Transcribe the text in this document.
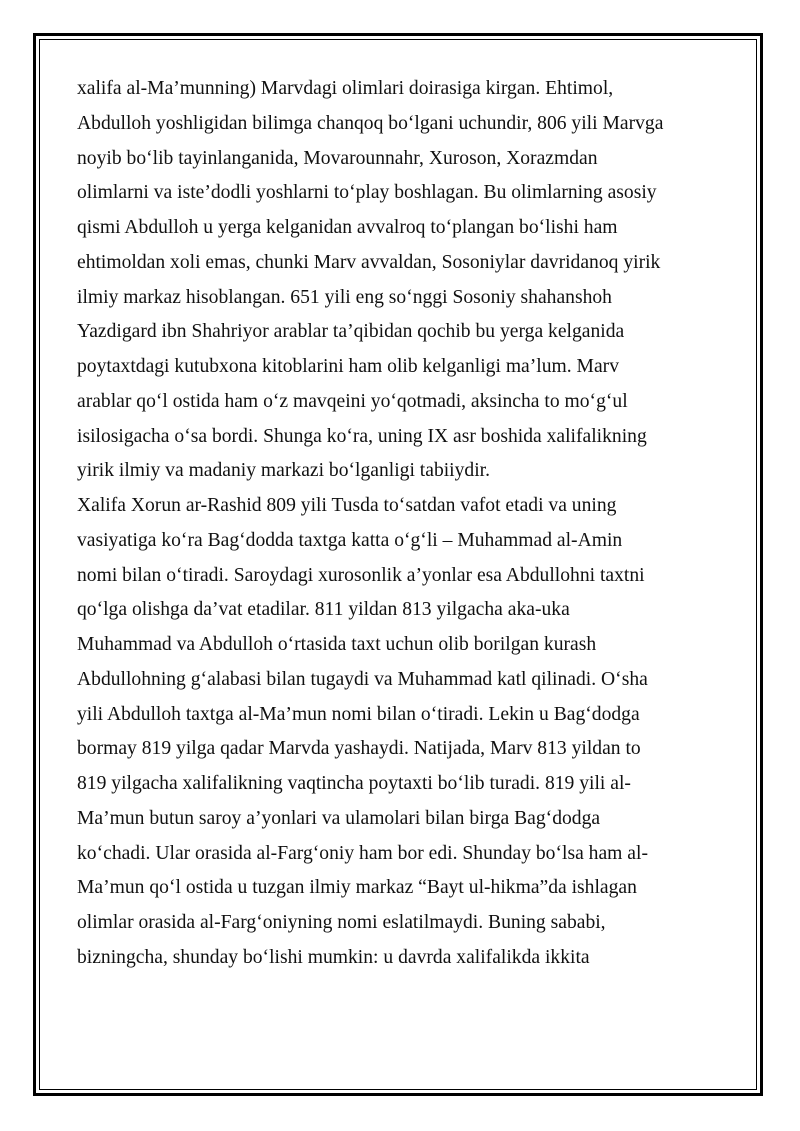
xalifa al-Ma’munning) Marvdagi olimlari doirasiga kirgan. Ehtimol,
Abdulloh yoshligidan bilimga chanqoq bo‘lgani uchundir, 806 yili Marvga
noyib bo‘lib tayinlanganida, Movarounnahr, Xuroson, Xorazmdan
olimlarni va iste’dodli yoshlarni to‘play boshlagan. Bu olimlarning asosiy
qismi Abdulloh u yerga kelganidan avvalroq to‘plangan bo‘lishi ham
ehtimoldan xoli emas, chunki Marv avvaldan, Sosoniylar davridanoq yirik
ilmiy markaz hisoblangan. 651 yili eng so‘nggi Sosoniy shahanshoh
Yazdigard ibn Shahriyor arablar ta’qibidan qochib bu yerga kelganida
poytaxtdagi kutubxona kitoblarini ham olib kelganligi ma’lum. Marv
arablar qo‘l ostida ham o‘z mavqeini yo‘qotmadi, aksincha to mo‘g‘ul
isilosigacha o‘sa bordi. Shunga ko‘ra, uning IX asr boshida xalifalikning
yirik ilmiy va madaniy markazi bo‘lganligi tabiiydir.
Xalifa Xorun ar-Rashid 809 yili Tusda to‘satdan vafot etadi va uning
vasiyatiga ko‘ra Bag‘dodda taxtga katta o‘g‘li – Muhammad al-Amin
nomi bilan o‘tiradi. Saroydagi xurosonlik a’yonlar esa Abdullohni taxtni
qo‘lga olishga da’vat etadilar. 811 yildan 813 yilgacha aka-uka
Muhammad va Abdulloh o‘rtasida taxt uchun olib borilgan kurash
Abdullohning g‘alabasi bilan tugaydi va Muhammad katl qilinadi. O‘sha
yili Abdulloh taxtga al-Ma’mun nomi bilan o‘tiradi. Lekin u Bag‘dodga
bormay 819 yilga qadar Marvda yashaydi. Natijada, Marv 813 yildan to
819 yilgacha xalifalikning vaqtincha poytaxti bo‘lib turadi. 819 yili al-
Ma’mun butun saroy a’yonlari va ulamolari bilan birga Bag‘dodga
ko‘chadi. Ular orasida al-Farg‘oniy ham bor edi. Shunday bo‘lsa ham al-
Ma’mun qo‘l ostida u tuzgan ilmiy markaz “Bayt ul-hikma”da ishlagan
olimlar orasida al-Farg‘oniyning nomi eslatilmaydi. Buning sababi,
bizningcha, shunday bo‘lishi mumkin: u davrda xalifalikda ikkita
